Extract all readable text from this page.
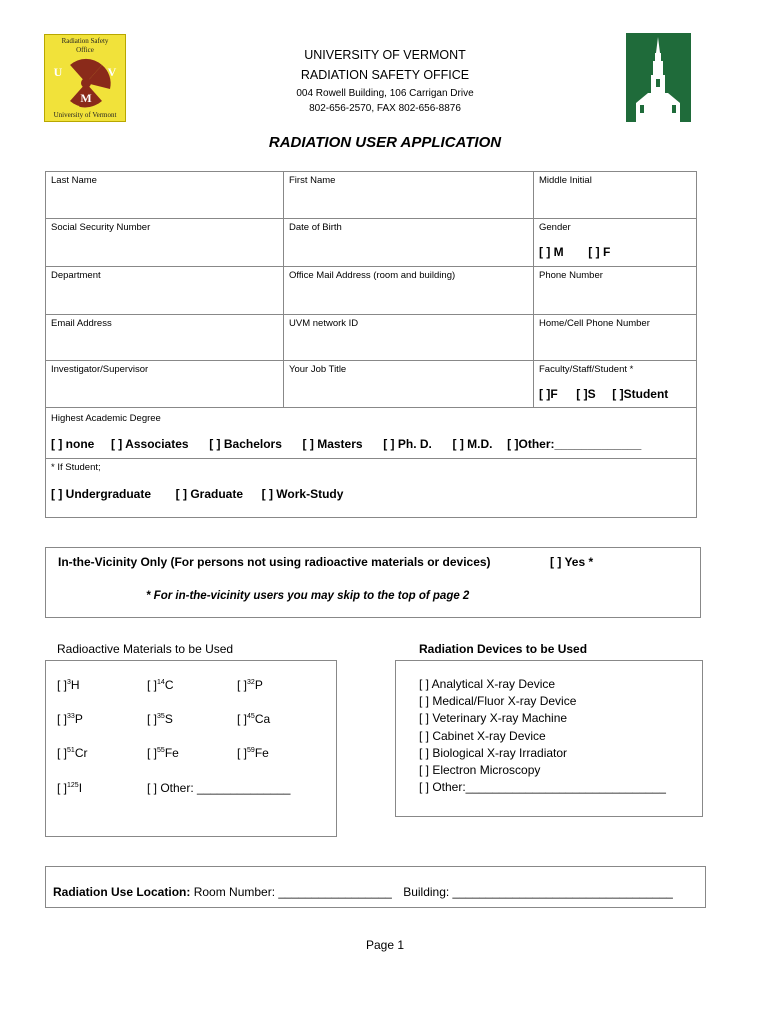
Radiation Safety
Office
U	V
M
University of Vermont
UNIVERSITY OF VERMONT
RADIATION SAFETY OFFICE
004 Rowell Building, 106 Carrigan Drive
802-656-2570, FAX 802-656-8876
RADIATION USER APPLICATION
Last Name	First Name	Middle Initial
Social Security Number	Date of Birth	Gender
[ ] M [ ] F

Department	Office Mail Address (room and building)	Phone Number
Email Address	UVM network ID	Home/Cell Phone Number
Investigator/Supervisor	Your Job Title	Faculty/Staff/Student *
[ ]F [ ]S [ ]Student

Highest Academic Degree
[ ] none [ ] Associates [ ] Bachelors [ ] Masters [ ] Ph. D. [ ] M.D. [ ]Other:_____________		

* If Student;
[ ] Undergraduate [ ] Graduate [ ] Work-Study		
In-the-Vicinity Only (For persons not using radioactive materials or devices)	[ ] Yes *
* For in-the-vicinity users you may skip to the top of page 2
Radioactive Materials to be Used
[ ]$^3$H	[ ]$^{14}$C	[ ]$^{32}$P
[ ]$^{33}$P	[ ]$^{35}$S	[ ]$^{45}$Ca
[ ]$^{51}$Cr	[ ]$^{55}$Fe	[ ]$^{59}$Fe
[ ]$^{125}$I	[ ] Other: ______________
Radiation Devices to be Used
[ ] Analytical X-ray Device
[ ] Medical/Fluor X-ray Device
[ ] Veterinary X-ray Machine
[ ] Cabinet X-ray Device
[ ] Biological X-ray Irradiator
[ ] Electron Microscopy
[ ] Other:______________________________
Radiation Use Location: Room Number: _________________ Building: _________________________________
Page 1
